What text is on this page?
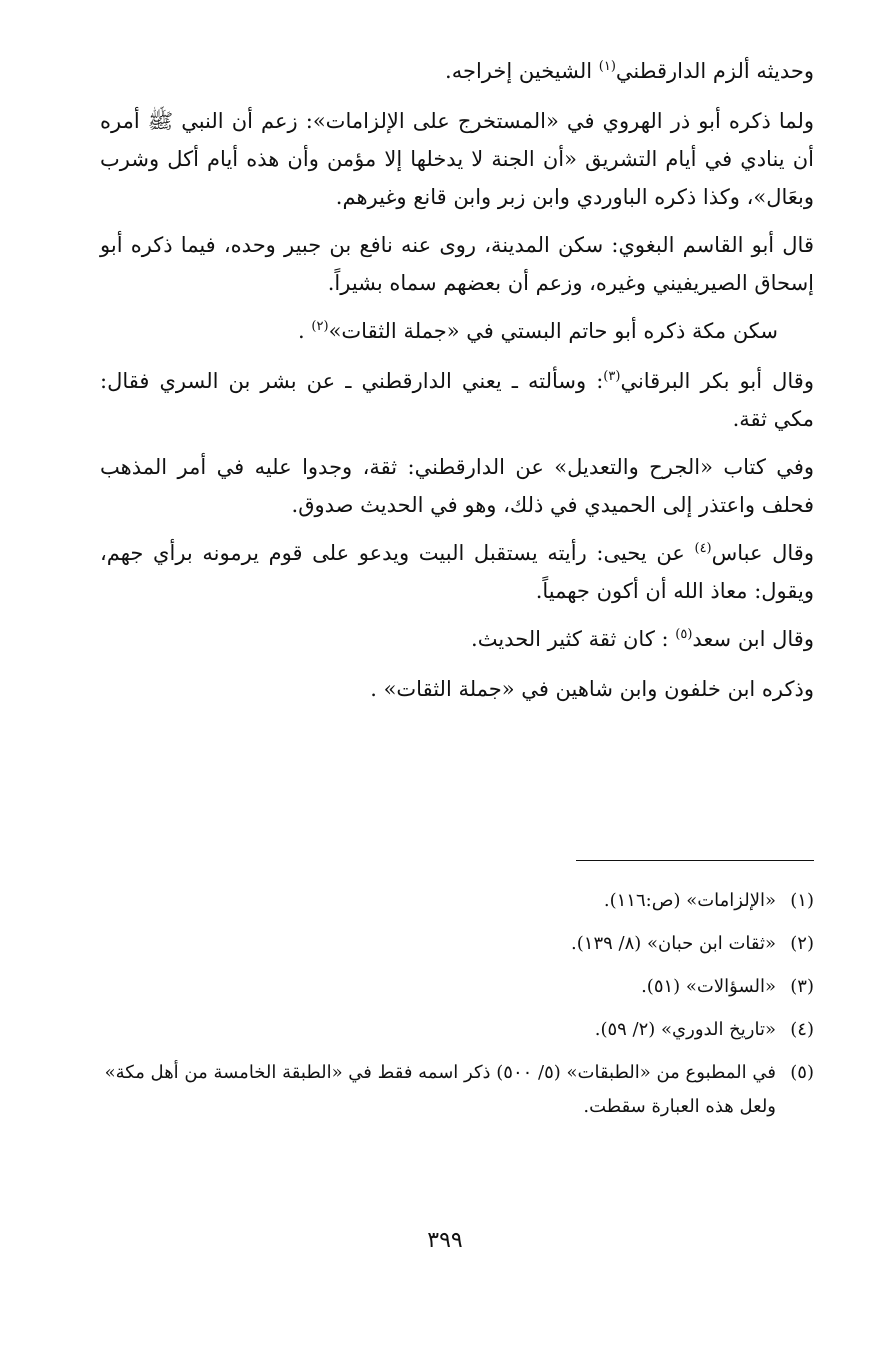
وحديثه ألزم الدارقطني$^{(١)}$ الشيخين إخراجه.

ولما ذكره أبو ذر الهروي في «المستخرج على الإلزامات»: زعم أن النبي ﷺ أمره أن ينادي في أيام التشريق «أن الجنة لا يدخلها إلا مؤمن وأن هذه أيام أكل وشرب وبعَال»، وكذا ذكره الباوردي وابن زبر وابن قانع وغيرهم.

قال أبو القاسم البغوي: سكن المدينة، روى عنه نافع بن جبير وحده، فيما ذكره أبو إسحاق الصيريفيني وغيره، وزعم أن بعضهم سماه بشيراً.

سكن مكة ذكره أبو حاتم البستي في «جملة الثقات»$^{(٢)}$ .

وقال أبو بكر البرقاني$^{(٣)}$: وسألته ـ يعني الدارقطني ـ عن بشر بن السري فقال: مكي ثقة.

وفي كتاب «الجرح والتعديل» عن الدارقطني: ثقة، وجدوا عليه في أمر المذهب فحلف واعتذر إلى الحميدي في ذلك، وهو في الحديث صدوق.

وقال عباس$^{(٤)}$ عن يحيى: رأيته يستقبل البيت ويدعو على قوم يرمونه برأي جهم، ويقول: معاذ الله أن أكون جهمياً.

وقال ابن سعد$^{(٥)}$ : كان ثقة كثير الحديث.

وذكره ابن خلفون وابن شاهين في «جملة الثقات» .

(١)
«الإلزامات» (ص:١١٦).
(٢)
«ثقات ابن حبان» (٨/ ١٣٩).
(٣)
«السؤالات» (٥١).
(٤)
«تاريخ الدوري» (٢/ ٥٩).
(٥)
في المطبوع من «الطبقات» (٥/ ٥٠٠) ذكر اسمه فقط في «الطبقة الخامسة من أهل مكة» ولعل هذه العبارة سقطت.
٣٩٩
